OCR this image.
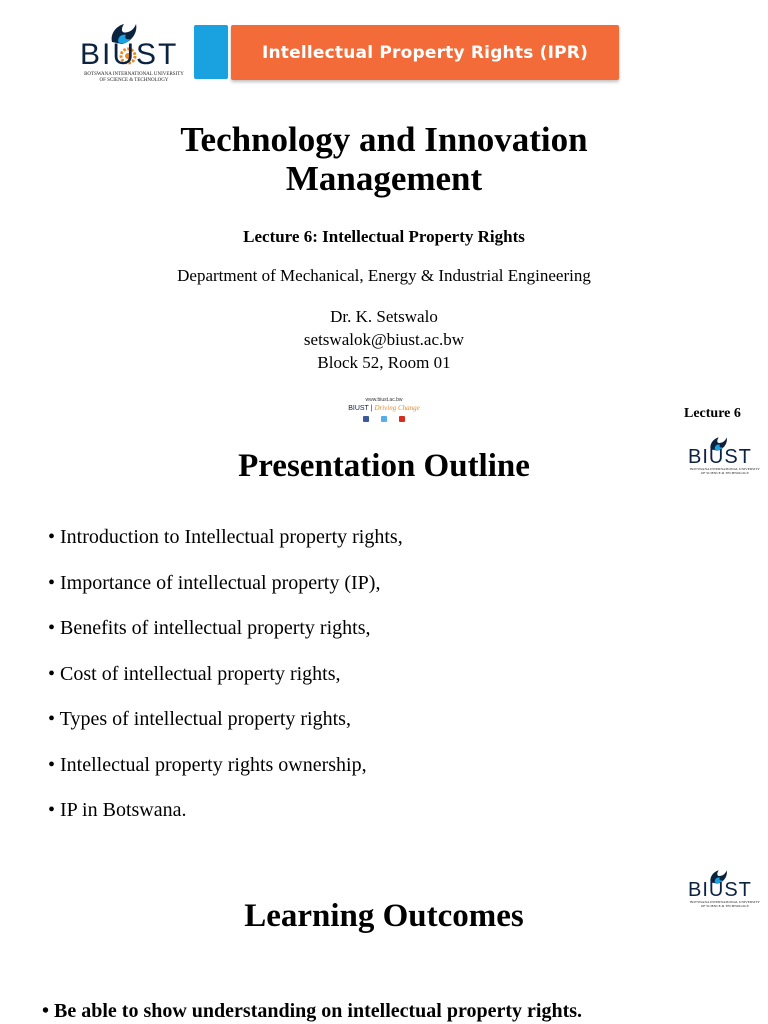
BIUST
BOTSWANA INTERNATIONAL UNIVERSITY
OF SCIENCE & TECHNOLOGY
Intellectual Property Rights (IPR)
Technology and Innovation
Management
Lecture 6: Intellectual Property Rights
Department of Mechanical, Energy & Industrial Engineering
Dr. K. Setswalo
setswalok@biust.ac.bw
Block 52, Room 01
www.biust.ac.bw
BIUST | Driving Change	Lecture 6
BIUST
BOTSWANA INTERNATIONAL UNIVERSITY
OF SCIENCE & TECHNOLOGY
Presentation Outline
• Introduction to Intellectual property rights,
• Importance of intellectual property (IP),
• Benefits of intellectual property rights,
• Cost of intellectual property rights,
• Types of intellectual property rights,
• Intellectual property rights ownership,
• IP in Botswana.
BIUST
BOTSWANA INTERNATIONAL UNIVERSITY
OF SCIENCE & TECHNOLOGY
Learning Outcomes
• Be able to show understanding on intellectual property rights.
